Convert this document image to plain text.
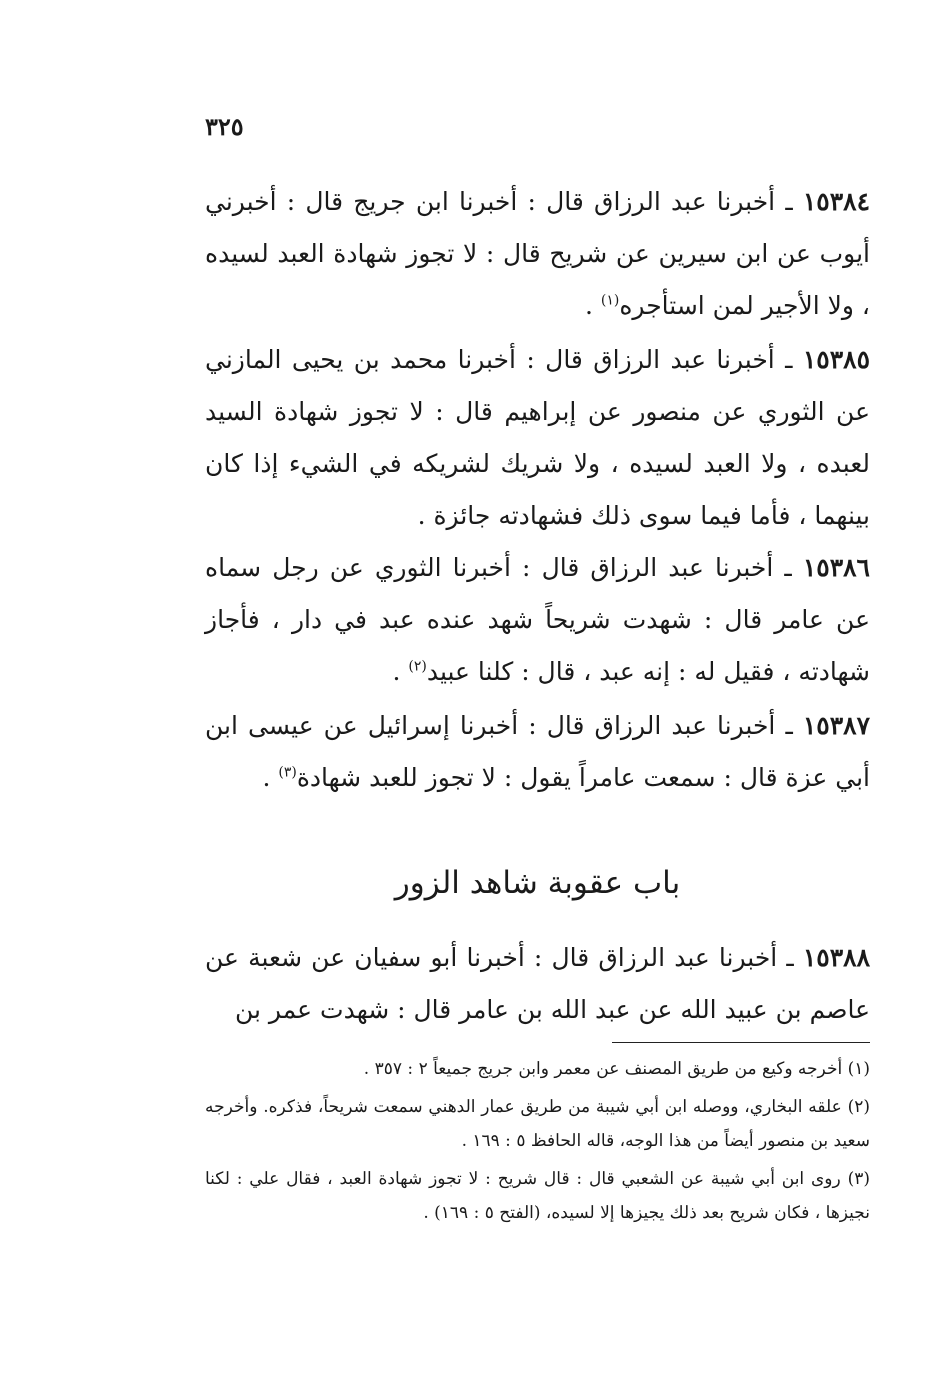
٣٢٥
١٥٣٨٤ ـ أخبرنا عبد الرزاق قال : أخبرنا ابن جريج قال : أخبرني أيوب عن ابن سيرين عن شريح قال : لا تجوز شهادة العبد لسيده ، ولا الأجير لمن استأجره$^{(١)}$ .
١٥٣٨٥ ـ أخبرنا عبد الرزاق قال : أخبرنا محمد بن يحيى المازني عن الثوري عن منصور عن إبراهيم قال : لا تجوز شهادة السيد لعبده ، ولا العبد لسيده ، ولا شريك لشريكه في الشيء إذا كان بينهما ، فأما فيما سوى ذلك فشهادته جائزة .
١٥٣٨٦ ـ أخبرنا عبد الرزاق قال : أخبرنا الثوري عن رجل سماه عن عامر قال : شهدت شريحاً شهد عنده عبد في دار ، فأجاز شهادته ، فقيل له : إنه عبد ، قال : كلنا عبيد$^{(٢)}$ .
١٥٣٨٧ ـ أخبرنا عبد الرزاق قال : أخبرنا إسرائيل عن عيسى ابن أبي عزة قال : سمعت عامراً يقول : لا تجوز للعبد شهادة$^{(٣)}$ .
باب عقوبة شاهد الزور
١٥٣٨٨ ـ أخبرنا عبد الرزاق قال : أخبرنا أبو سفيان عن شعبة عن عاصم بن عبيد الله عن عبد الله بن عامر قال : شهدت عمر بن

(١) أخرجه وكيع من طريق المصنف عن معمر وابن جريج جميعاً ٢ : ٣٥٧ .

(٢) علقه البخاري، ووصله ابن أبي شيبة من طريق عمار الدهني سمعت شريحاً، فذكره. وأخرجه سعيد بن منصور أيضاً من هذا الوجه، قاله الحافظ ٥ : ١٦٩ .

(٣) روى ابن أبي شيبة عن الشعبي قال : قال شريح : لا تجوز شهادة العبد ، فقال علي : لكنا نجيزها ، فكان شريح بعد ذلك يجيزها إلا لسيده، (الفتح ٥ : ١٦٩) .
